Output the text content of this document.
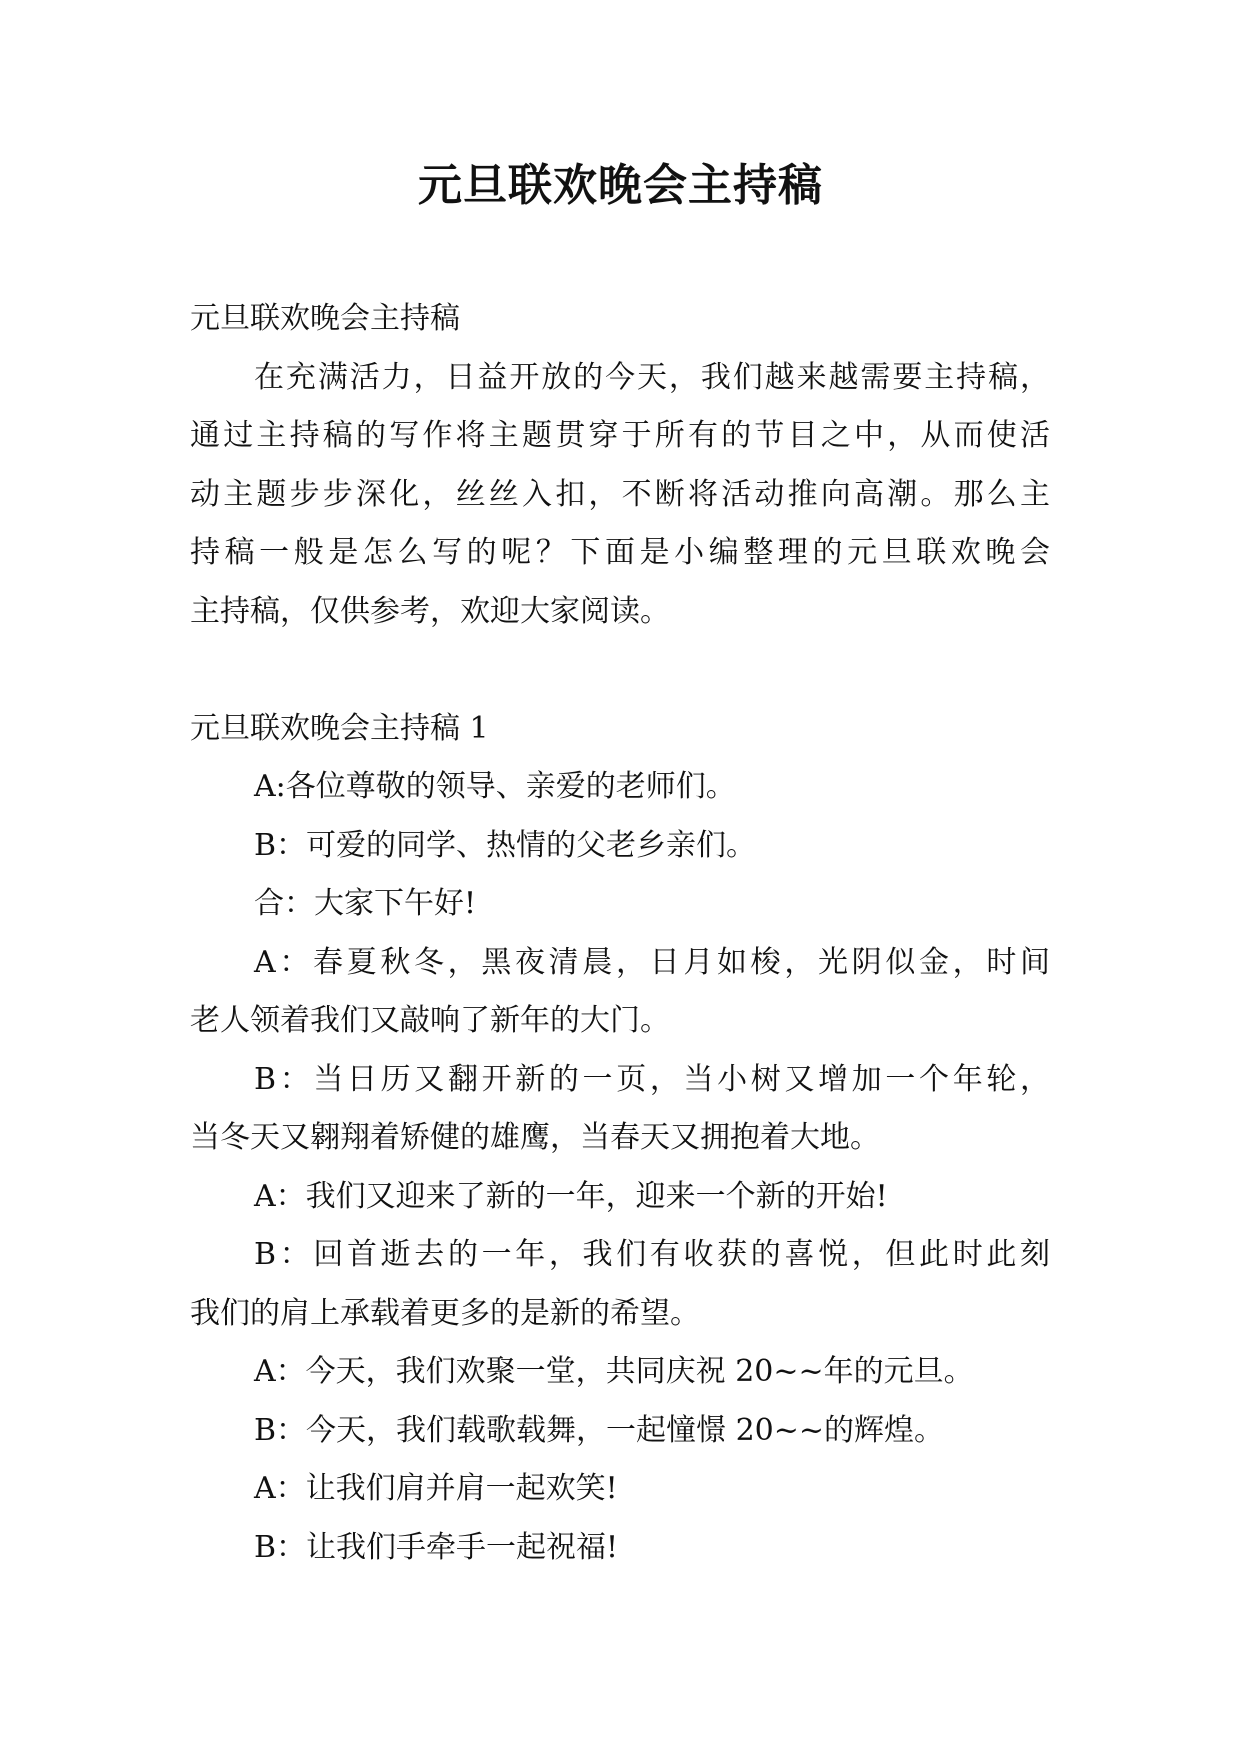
元旦联欢晚会主持稿
元旦联欢晚会主持稿
在充满活力，日益开放的今天，我们越来越需要主持稿，
通过主持稿的写作将主题贯穿于所有的节目之中，从而使活
动主题步步深化，丝丝入扣，不断将活动推向高潮。那么主
持稿一般是怎么写的呢？下面是小编整理的元旦联欢晚会
主持稿，仅供参考，欢迎大家阅读。
元旦联欢晚会主持稿 1
A:各位尊敬的领导、亲爱的老师们。
B：可爱的同学、热情的父老乡亲们。
合：大家下午好!
A：春夏秋冬，黑夜清晨，日月如梭，光阴似金，时间
老人领着我们又敲响了新年的大门。
B：当日历又翻开新的一页，当小树又增加一个年轮，
当冬天又翱翔着矫健的雄鹰，当春天又拥抱着大地。
A：我们又迎来了新的一年，迎来一个新的开始!
B：回首逝去的一年，我们有收获的喜悦，但此时此刻
我们的肩上承载着更多的是新的希望。
A：今天，我们欢聚一堂，共同庆祝 20~~年的元旦。
B：今天，我们载歌载舞，一起憧憬 20~~的辉煌。
A：让我们肩并肩一起欢笑!
B：让我们手牵手一起祝福!
